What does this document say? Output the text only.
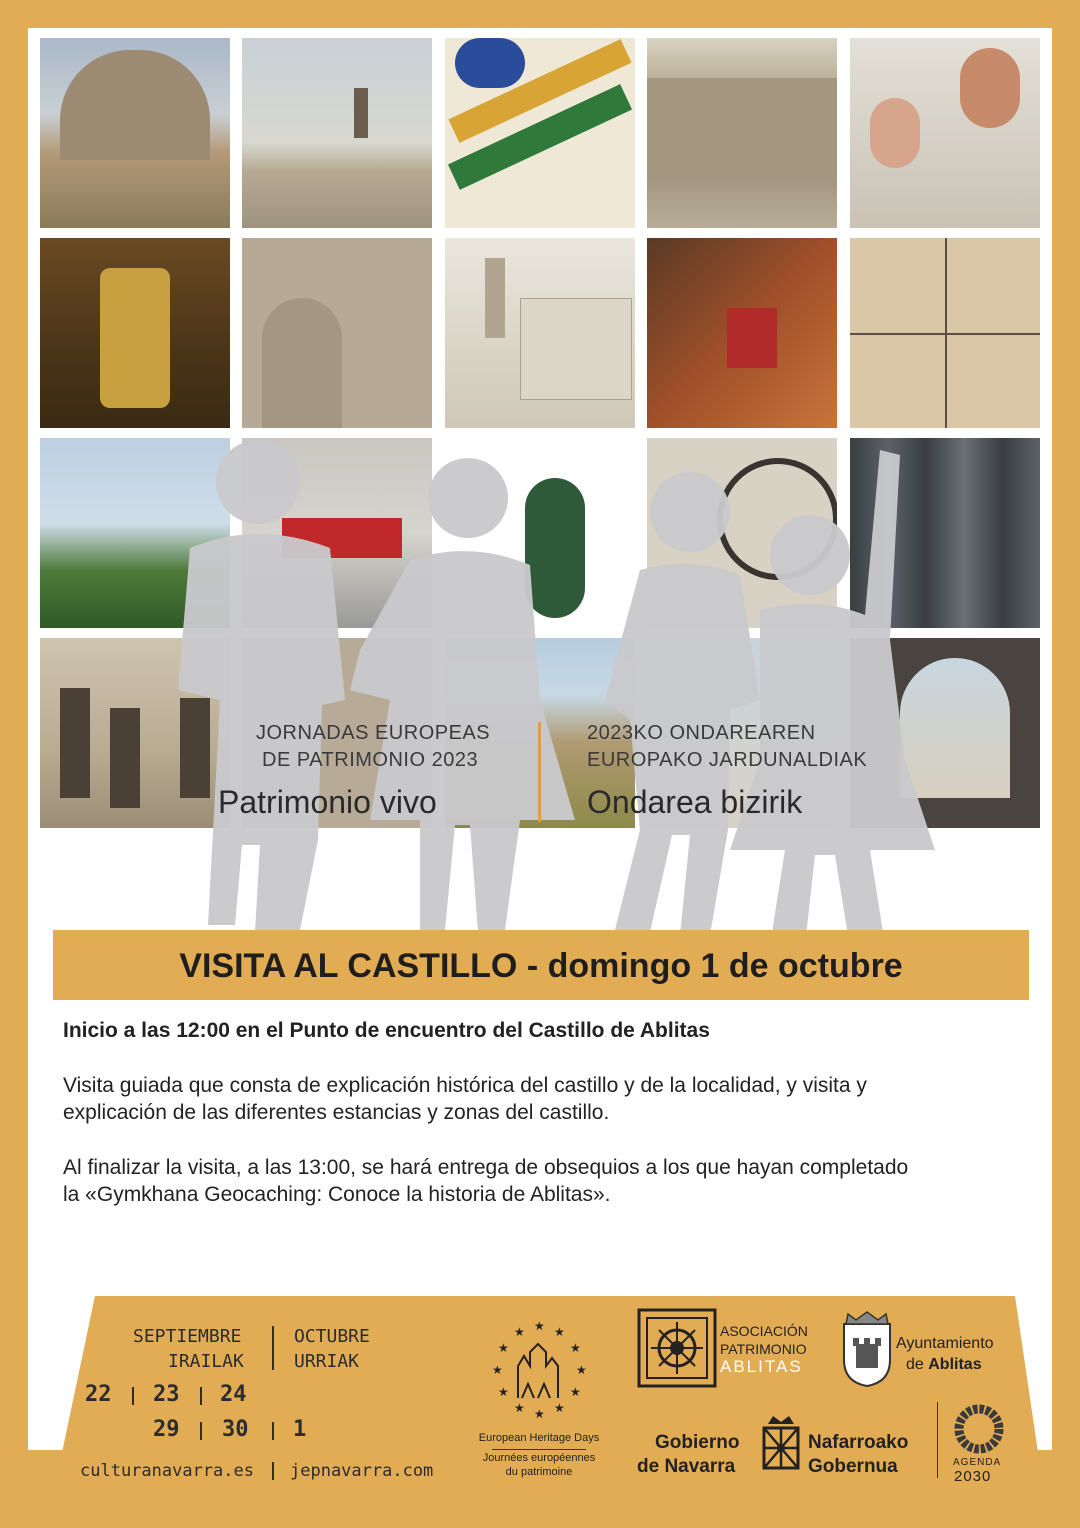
JORNADAS EUROPEAS
DE PATRIMONIO 2023
Patrimonio vivo
2023KO ONDAREAREN
EUROPAKO JARDUNALDIAK
Ondarea bizirik
VISITA AL CASTILLO - domingo 1 de octubre
Inicio a las 12:00 en el Punto de encuentro del Castillo de Ablitas
Visita guiada que consta de explicación histórica del castillo y de la localidad, y visita y
explicación de las diferentes estancias y zonas del castillo.
Al finalizar la visita, a las 13:00, se hará entrega de obsequios a los que hayan completado
la «Gymkhana Geocaching: Conoce la historia de Ablitas».
SEPTIEMBRE
IRAILAK
OCTUBRE
URRIAK
22 23 24
29 30 1
culturanavarra.es jepnavarra.com
★
★ ★
★	★
★	★
★	★
★ ★
★
European Heritage Days
Journées européennes
du patrimoine
ASOCIACIÓN
PATRIMONIO
ABLITAS
Ayuntamiento
de Ablitas
Gobierno
de Navarra
Nafarroako
Gobernua	AGENDA
2030
